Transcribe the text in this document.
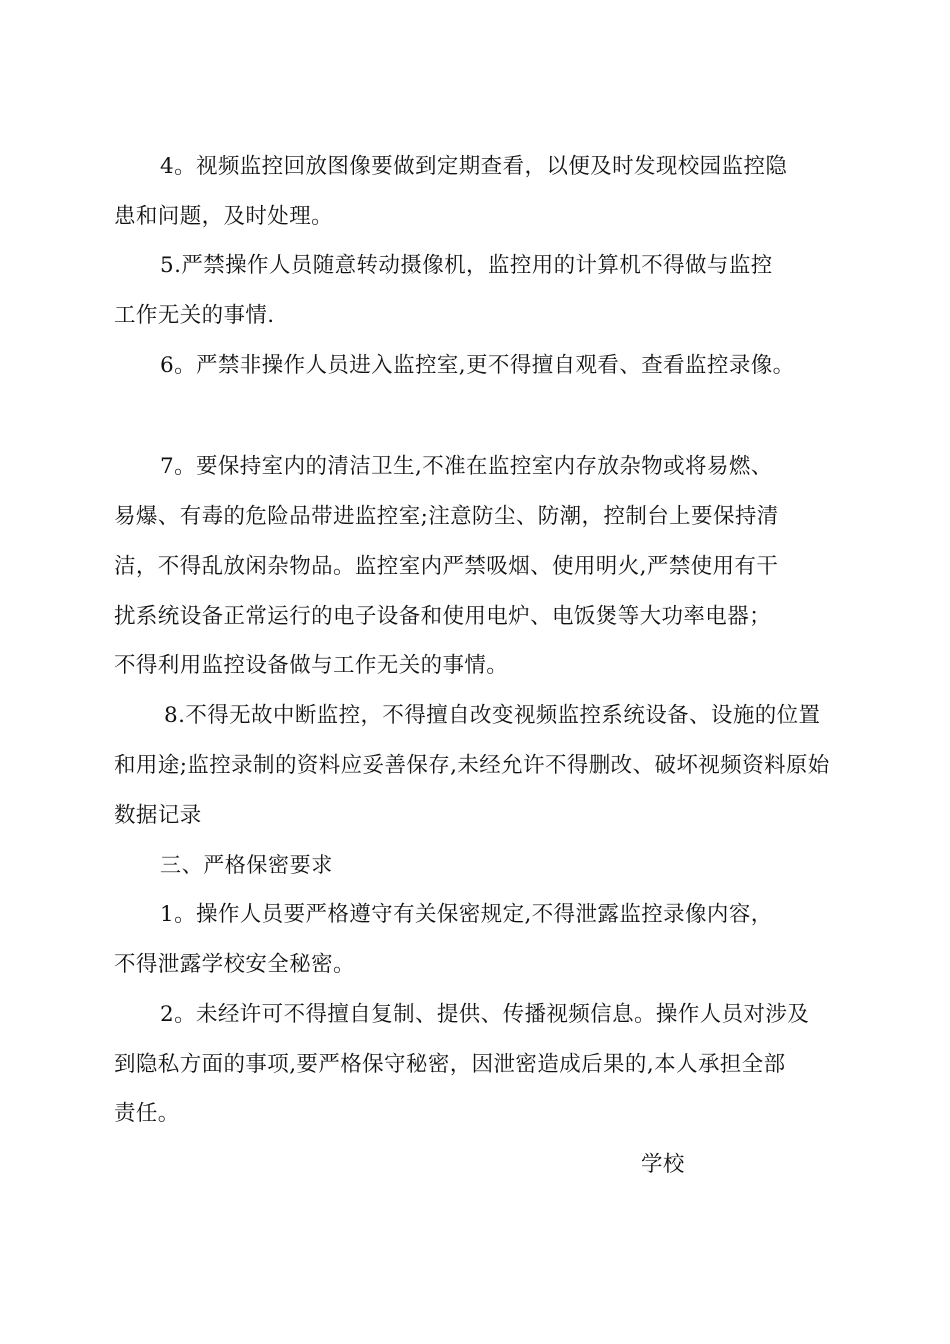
4。视频监控回放图像要做到定期查看，以便及时发现校园监控隐
患和问题，及时处理。
5.严禁操作人员随意转动摄像机，监控用的计算机不得做与监控
工作无关的事情.
6。严禁非操作人员进入监控室,更不得擅自观看、查看监控录像。
7。要保持室内的清洁卫生,不准在监控室内存放杂物或将易燃、
易爆、有毒的危险品带进监控室;注意防尘、防潮，控制台上要保持清
洁，不得乱放闲杂物品。监控室内严禁吸烟、使用明火,严禁使用有干
扰系统设备正常运行的电子设备和使用电炉、电饭煲等大功率电器；
不得利用监控设备做与工作无关的事情。
8.不得无故中断监控，不得擅自改变视频监控系统设备、设施的位置
和用途;监控录制的资料应妥善保存,未经允许不得删改、破坏视频资料原始
数据记录
三、严格保密要求
1。操作人员要严格遵守有关保密规定,不得泄露监控录像内容，
不得泄露学校安全秘密。
2。未经许可不得擅自复制、提供、传播视频信息。操作人员对涉及
到隐私方面的事项,要严格保守秘密，因泄密造成后果的,本人承担全部
责任。
学校
